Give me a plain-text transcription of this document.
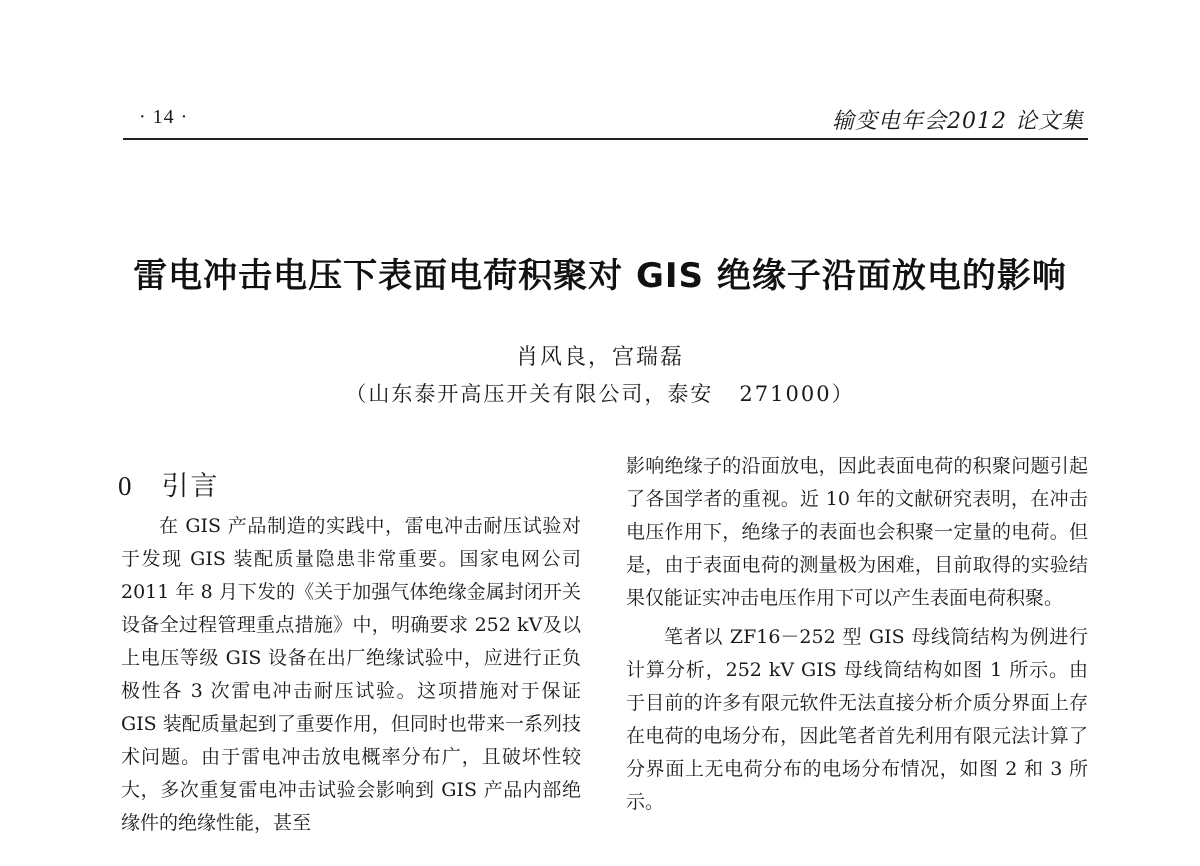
· 14 ·	输变电年会2012 论文集
雷电冲击电压下表面电荷积聚对 GIS 绝缘子沿面放电的影响
肖风良，宫瑞磊
（山东泰开高压开关有限公司，泰安 271000）
0 引言

在 GIS 产品制造的实践中，雷电冲击耐压试验对于发现 GIS 装配质量隐患非常重要。国家电网公司 2011 年 8 月下发的《关于加强气体绝缘金属封闭开关设备全过程管理重点措施》中，明确要求 252 kV及以上电压等级 GIS 设备在出厂绝缘试验中，应进行正负极性各 3 次雷电冲击耐压试验。这项措施对于保证 GIS 装配质量起到了重要作用，但同时也带来一系列技术问题。由于雷电冲击放电概率分布广，且破坏性较大，多次重复雷电冲击试验会影响到 GIS 产品内部绝缘件的绝缘性能，甚至

影响绝缘子的沿面放电，因此表面电荷的积聚问题引起了各国学者的重视。近 10 年的文献研究表明，在冲击电压作用下，绝缘子的表面也会积聚一定量的电荷。但是，由于表面电荷的测量极为困难，目前取得的实验结果仅能证实冲击电压作用下可以产生表面电荷积聚。

笔者以 ZF16－252 型 GIS 母线筒结构为例进行计算分析，252 kV GIS 母线筒结构如图 1 所示。由于目前的许多有限元软件无法直接分析介质分界面上存在电荷的电场分布，因此笔者首先利用有限元法计算了分界面上无电荷分布的电场分布情况，如图 2 和 3 所示。
